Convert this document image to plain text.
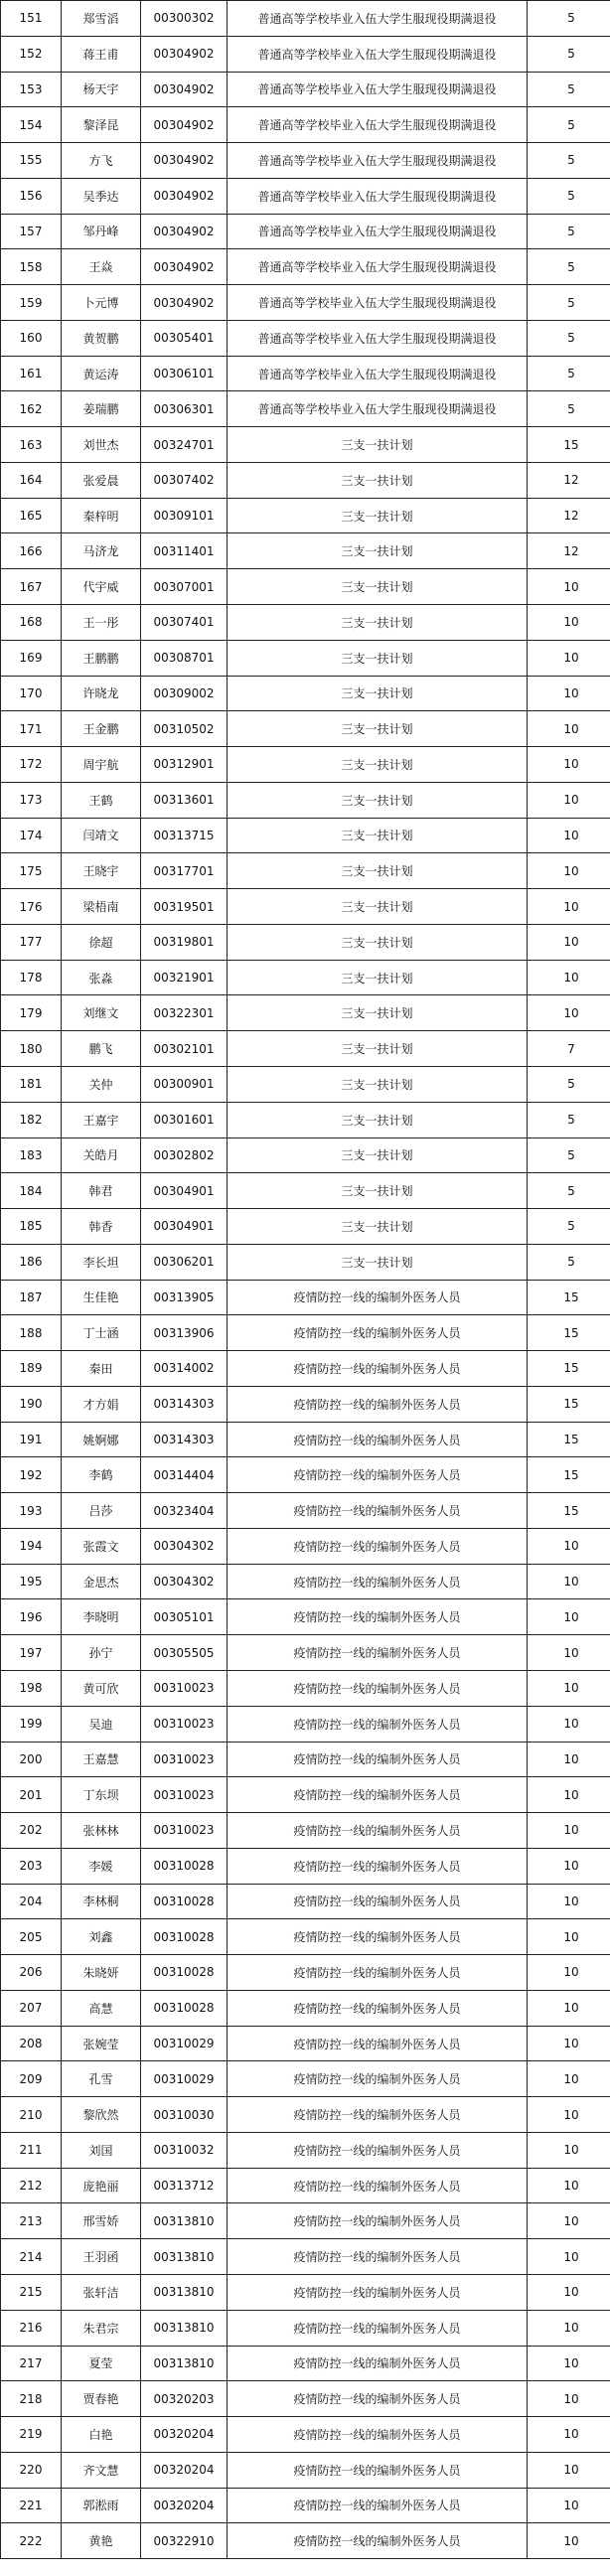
151	郑雪滔	00300302	普通高等学校毕业入伍大学生服现役期满退役	5
152	蒋王甫	00304902	普通高等学校毕业入伍大学生服现役期满退役	5
153	杨天宇	00304902	普通高等学校毕业入伍大学生服现役期满退役	5
154	黎泽昆	00304902	普通高等学校毕业入伍大学生服现役期满退役	5
155	方飞	00304902	普通高等学校毕业入伍大学生服现役期满退役	5
156	吴季达	00304902	普通高等学校毕业入伍大学生服现役期满退役	5
157	邹丹峰	00304902	普通高等学校毕业入伍大学生服现役期满退役	5
158	王焱	00304902	普通高等学校毕业入伍大学生服现役期满退役	5
159	卜元博	00304902	普通高等学校毕业入伍大学生服现役期满退役	5
160	黄贺鹏	00305401	普通高等学校毕业入伍大学生服现役期满退役	5
161	黄运涛	00306101	普通高等学校毕业入伍大学生服现役期满退役	5
162	姜瑞鹏	00306301	普通高等学校毕业入伍大学生服现役期满退役	5
163	刘世杰	00324701	三支一扶计划	15
164	张爱晨	00307402	三支一扶计划	12
165	秦梓明	00309101	三支一扶计划	12
166	马济龙	00311401	三支一扶计划	12
167	代宇威	00307001	三支一扶计划	10
168	王一彤	00307401	三支一扶计划	10
169	王鹏鹏	00308701	三支一扶计划	10
170	许晓龙	00309002	三支一扶计划	10
171	王金鹏	00310502	三支一扶计划	10
172	周宇航	00312901	三支一扶计划	10
173	王鹤	00313601	三支一扶计划	10
174	闫靖文	00313715	三支一扶计划	10
175	王晓宇	00317701	三支一扶计划	10
176	梁梧南	00319501	三支一扶计划	10
177	徐超	00319801	三支一扶计划	10
178	张淼	00321901	三支一扶计划	10
179	刘继文	00322301	三支一扶计划	10
180	鹏飞	00302101	三支一扶计划	7
181	关仲	00300901	三支一扶计划	5
182	王嘉宇	00301601	三支一扶计划	5
183	关皓月	00302802	三支一扶计划	5
184	韩君	00304901	三支一扶计划	5
185	韩香	00304901	三支一扶计划	5
186	李长坦	00306201	三支一扶计划	5
187	生佳艳	00313905	疫情防控一线的编制外医务人员	15
188	丁士涵	00313906	疫情防控一线的编制外医务人员	15
189	秦田	00314002	疫情防控一线的编制外医务人员	15
190	才方娟	00314303	疫情防控一线的编制外医务人员	15
191	姚婀娜	00314303	疫情防控一线的编制外医务人员	15
192	李鹤	00314404	疫情防控一线的编制外医务人员	15
193	吕莎	00323404	疫情防控一线的编制外医务人员	15
194	张霞文	00304302	疫情防控一线的编制外医务人员	10
195	金思杰	00304302	疫情防控一线的编制外医务人员	10
196	李晓明	00305101	疫情防控一线的编制外医务人员	10
197	孙宁	00305505	疫情防控一线的编制外医务人员	10
198	黄可欣	00310023	疫情防控一线的编制外医务人员	10
199	吴迪	00310023	疫情防控一线的编制外医务人员	10
200	王嘉慧	00310023	疫情防控一线的编制外医务人员	10
201	丁东坝	00310023	疫情防控一线的编制外医务人员	10
202	张林林	00310023	疫情防控一线的编制外医务人员	10
203	李媛	00310028	疫情防控一线的编制外医务人员	10
204	李林桐	00310028	疫情防控一线的编制外医务人员	10
205	刘鑫	00310028	疫情防控一线的编制外医务人员	10
206	朱晓妍	00310028	疫情防控一线的编制外医务人员	10
207	高慧	00310028	疫情防控一线的编制外医务人员	10
208	张婉莹	00310029	疫情防控一线的编制外医务人员	10
209	孔雪	00310029	疫情防控一线的编制外医务人员	10
210	黎欣然	00310030	疫情防控一线的编制外医务人员	10
211	刘国	00310032	疫情防控一线的编制外医务人员	10
212	庞艳丽	00313712	疫情防控一线的编制外医务人员	10
213	邢雪娇	00313810	疫情防控一线的编制外医务人员	10
214	王羽函	00313810	疫情防控一线的编制外医务人员	10
215	张轩洁	00313810	疫情防控一线的编制外医务人员	10
216	朱君宗	00313810	疫情防控一线的编制外医务人员	10
217	夏莹	00313810	疫情防控一线的编制外医务人员	10
218	贾春艳	00320203	疫情防控一线的编制外医务人员	10
219	白艳	00320204	疫情防控一线的编制外医务人员	10
220	齐文慧	00320204	疫情防控一线的编制外医务人员	10
221	郭淞雨	00320204	疫情防控一线的编制外医务人员	10
222	黄艳	00322910	疫情防控一线的编制外医务人员	10
